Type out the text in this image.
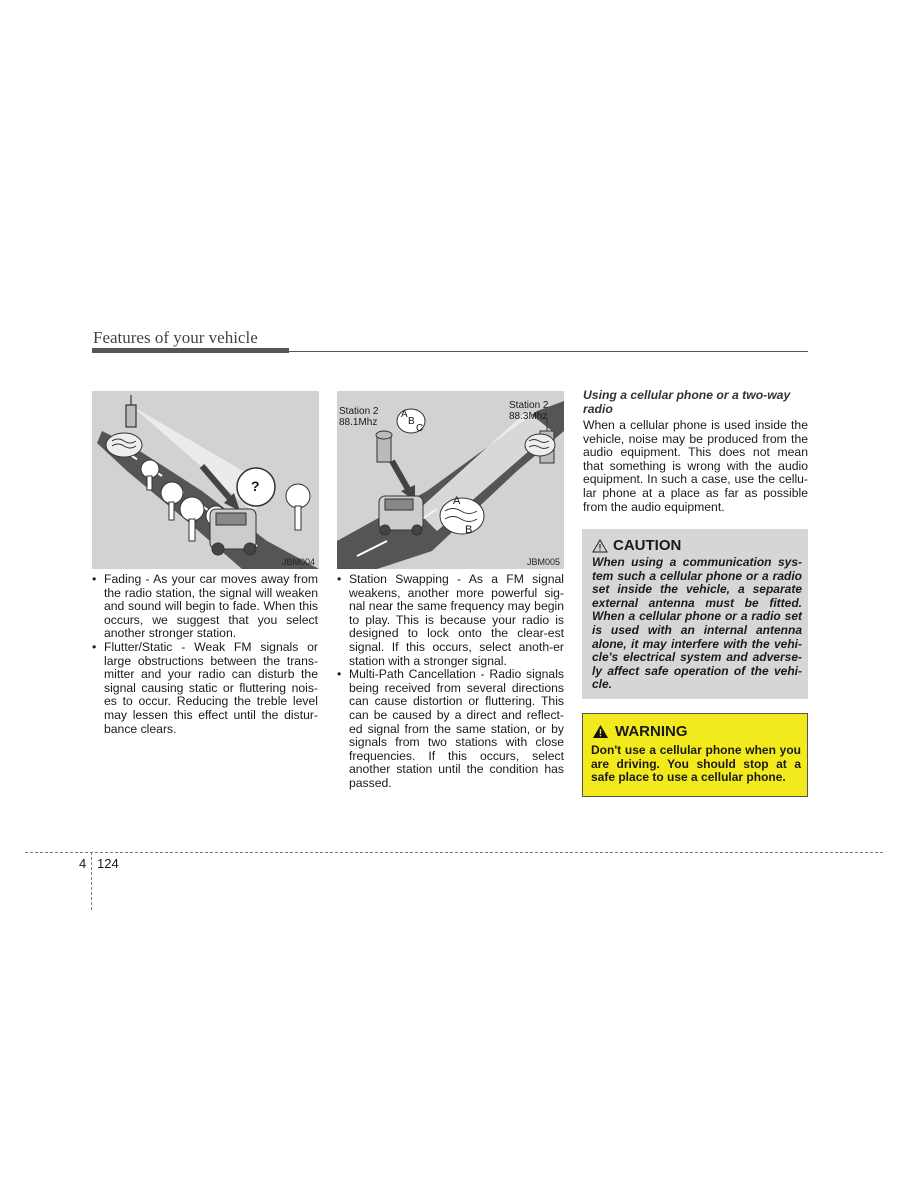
Features of your vehicle
?
JBM004
Station 2
88.1Mhz
Station 2
88.3Mhz
A
B
C
A
B
JBM005
• Fading - As your car moves away from the radio station, the signal will weaken and sound will begin to fade. When this occurs, we suggest that you select another stronger station.
• Flutter/Static - Weak FM signals or large obstructions between the trans-mitter and your radio can disturb the signal causing static or fluttering nois-es to occur. Reducing the treble level may lessen this effect until the distur-bance clears.
• Station Swapping - As a FM signal weakens, another more powerful sig-nal near the same frequency may begin to play. This is because your radio is designed to lock onto the clear-est signal. If this occurs, select anoth-er station with a stronger signal.
• Multi-Path Cancellation - Radio signals being received from several directions can cause distortion or fluttering. This can be caused by a direct and reflect-ed signal from the same station, or by signals from two stations with close frequencies. If this occurs, select another station until the condition has passed.
Using a cellular phone or a two-way radio
When a cellular phone is used inside the vehicle, noise may be produced from the audio equipment. This does not mean that something is wrong with the audio equipment. In such a case, use the cellu-lar phone at a place as far as possible from the audio equipment.
CAUTION
When using a communication sys-tem such a cellular phone or a radio set inside the vehicle, a separate external antenna must be fitted. When a cellular phone or a radio set is used with an internal antenna alone, it may interfere with the vehi-cle's electrical system and adverse-ly affect safe operation of the vehi-cle.
WARNING
Don't use a cellular phone when you are driving. You should stop at a safe place to use a cellular phone.
4 124
